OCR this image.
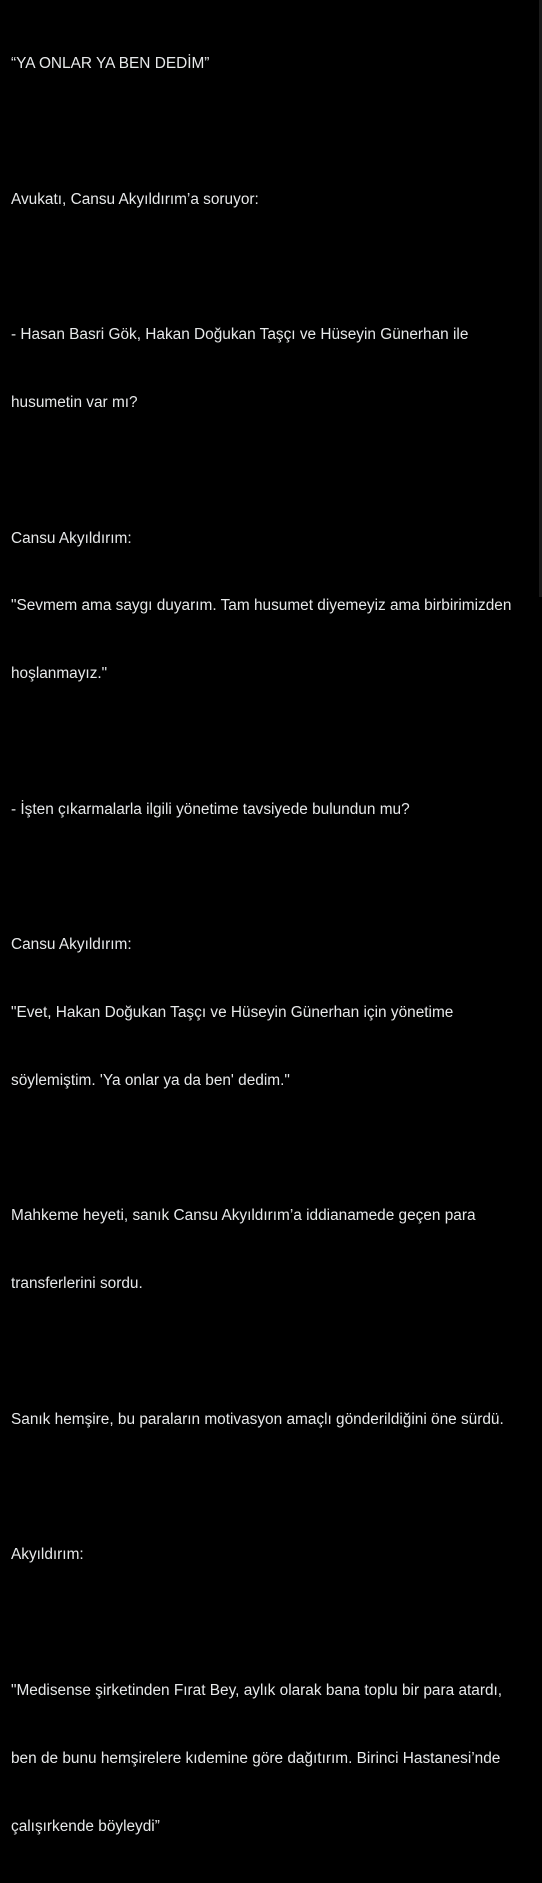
“YA ONLAR YA BEN DEDİM”

Avukatı, Cansu Akyıldırım’a soruyor:

- Hasan Basri Gök, Hakan Doğukan Taşçı ve Hüseyin Günerhan ile

husumetin var mı?

Cansu Akyıldırım:

"Sevmem ama saygı duyarım. Tam husumet diyemeyiz ama birbirimizden

hoşlanmayız."

- İşten çıkarmalarla ilgili yönetime tavsiyede bulundun mu?

Cansu Akyıldırım:

"Evet, Hakan Doğukan Taşçı ve Hüseyin Günerhan için yönetime

söylemiştim. 'Ya onlar ya da ben' dedim."

Mahkeme heyeti, sanık Cansu Akyıldırım’a iddianamede geçen para

transferlerini sordu.

Sanık hemşire, bu paraların motivasyon amaçlı gönderildiğini öne sürdü.

Akyıldırım:

"Medisense şirketinden Fırat Bey, aylık olarak bana toplu bir para atardı,

ben de bunu hemşirelere kıdemine göre dağıtırım. Birinci Hastanesi’nde

çalışırkende böyleydi”
